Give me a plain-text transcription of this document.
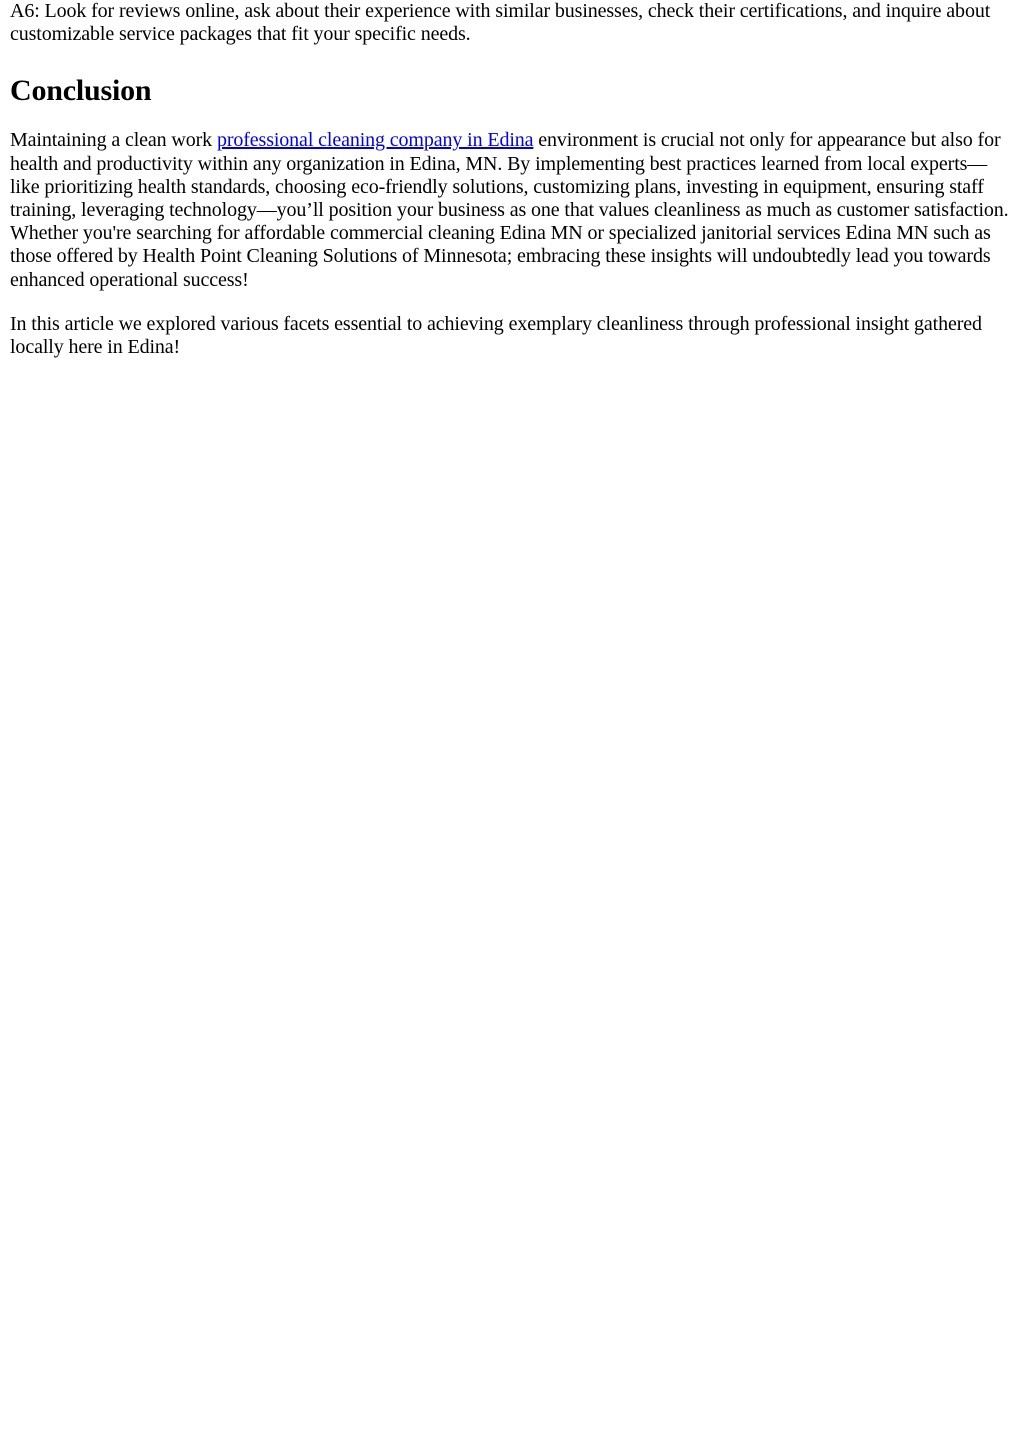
A6: Look for reviews online, ask about their experience with similar businesses, check their certifications, and inquire about customizable service packages that fit your specific needs.

Conclusion

Maintaining a clean work professional cleaning company in Edina environment is crucial not only for appearance but also for health and productivity within any organization in Edina, MN. By implementing best practices learned from local experts—like prioritizing health standards, choosing eco-friendly solutions, customizing plans, investing in equipment, ensuring staff training, leveraging technology—you’ll position your business as one that values cleanliness as much as customer satisfaction. Whether you're searching for affordable commercial cleaning Edina MN or specialized janitorial services Edina MN such as those offered by Health Point Cleaning Solutions of Minnesota; embracing these insights will undoubtedly lead you towards enhanced operational success!

In this article we explored various facets essential to achieving exemplary cleanliness through professional insight gathered locally here in Edina!
